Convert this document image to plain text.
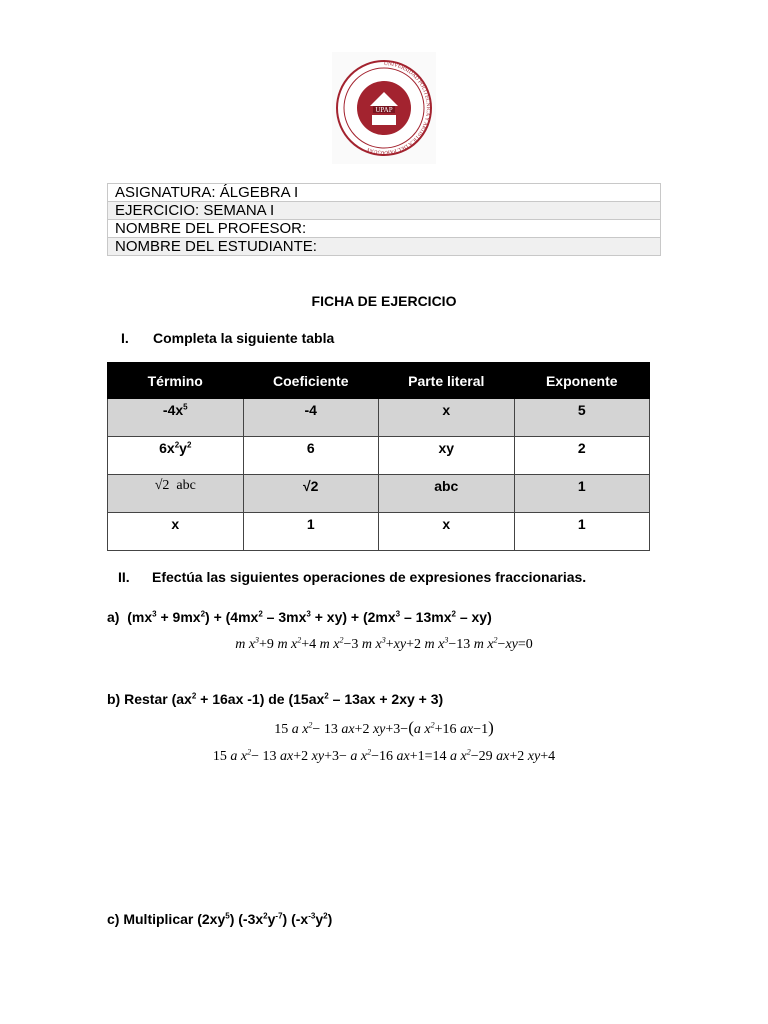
UPAP
UNIVERSIDAD POLITÉCNICA Y ARTÍSTICA DEL PARAGUAY
ASIGNATURA: ÁLGEBRA I
EJERCICIO: SEMANA I
NOMBRE DEL PROFESOR:
NOMBRE DEL ESTUDIANTE:
FICHA DE EJERCICIO
I. Completa la siguiente tabla
Término	Coeficiente	Parte literal	Exponente
$-4x^5$	-4	x	5
$6x^2y^2$	6	xy	2
√2  abc	√2	abc	1
x	1	x	1
II. Efectúa las siguientes operaciones de expresiones fraccionarias.
a)  $(mx^3 + 9mx^2) + (4mx^2 - 3mx^3 + xy) + (2mx^3 - 13mx^2 - xy)$
m $x^3+9$ m $x^2+4$ m $x^2-3$ m $x^3+xy+2$ m $x^3-13$ m $x^2-xy=0$
b) Restar ($ax^2 + 16ax$ -1) de $(15ax^2 - 13ax + 2xy + 3)$
15 a $x^2- 13$ ax+2 xy+3−(a $x^2+16$ ax−1)
15 a $x^2- 13$ ax+2 xy+3− a $x^2-16$ ax+1=14 a $x^2-29$ ax+2 xy+4
c) Multiplicar $(2xy^5)$ $(-3x^2y^{-7})$ $(-x^{-3}y^2)$
